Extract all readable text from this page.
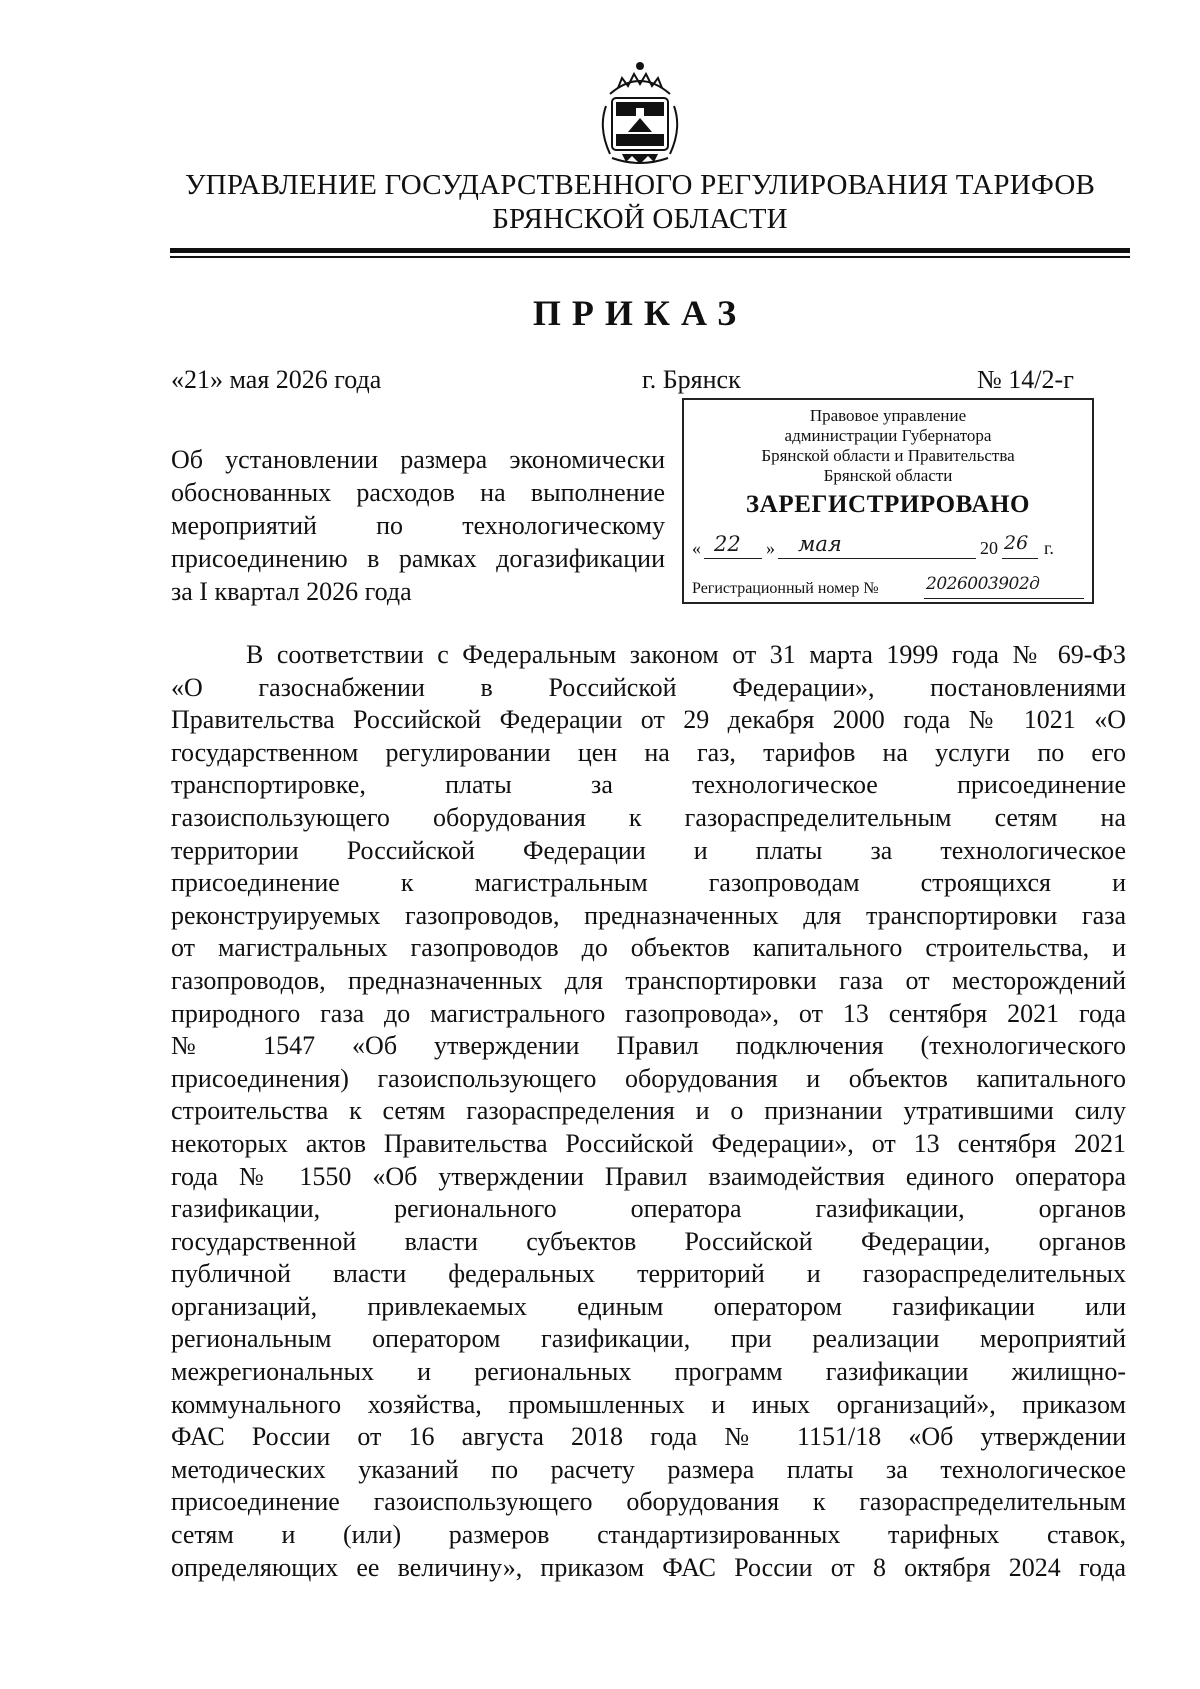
УПРАВЛЕНИЕ ГОСУДАРСТВЕННОГО РЕГУЛИРОВАНИЯ ТАРИФОВ
БРЯНСКОЙ ОБЛАСТИ
ПРИКАЗ
«21» мая 2026 года	г. Брянск	№ 14/2-г
Об установлении размера экономически
обоснованных расходов на выполнение
мероприятий по технологическому
присоединению в рамках догазификации
за I квартал 2026 года
Правовое управление
администрации Губернатора
Брянской области и Правительства
Брянской области
ЗАРЕГИСТРИРОВАНО
« 22 » мая	20 26 г.
Регистрационный номер №	2026003902д
В соответствии с Федеральным законом от 31 марта 1999 года № 69-ФЗ
«О газоснабжении в Российской Федерации», постановлениями
Правительства Российской Федерации от 29 декабря 2000 года № 1021 «О
государственном регулировании цен на газ, тарифов на услуги по его
транспортировке, платы за технологическое присоединение
газоиспользующего оборудования к газораспределительным сетям на
территории Российской Федерации и платы за технологическое
присоединение к магистральным газопроводам строящихся и
реконструируемых газопроводов, предназначенных для транспортировки газа
от магистральных газопроводов до объектов капитального строительства, и
газопроводов, предназначенных для транспортировки газа от месторождений
природного газа до магистрального газопровода», от 13 сентября 2021 года
№ 1547 «Об утверждении Правил подключения (технологического
присоединения) газоиспользующего оборудования и объектов капитального
строительства к сетям газораспределения и о признании утратившими силу
некоторых актов Правительства Российской Федерации», от 13 сентября 2021
года № 1550 «Об утверждении Правил взаимодействия единого оператора
газификации, регионального оператора газификации, органов
государственной власти субъектов Российской Федерации, органов
публичной власти федеральных территорий и газораспределительных
организаций, привлекаемых единым оператором газификации или
региональным оператором газификации, при реализации мероприятий
межрегиональных и региональных программ газификации жилищно-
коммунального хозяйства, промышленных и иных организаций», приказом
ФАС России от 16 августа 2018 года № 1151/18 «Об утверждении
методических указаний по расчету размера платы за технологическое
присоединение газоиспользующего оборудования к газораспределительным
сетям и (или) размеров стандартизированных тарифных ставок,
определяющих ее величину», приказом ФАС России от 8 октября 2024 года
